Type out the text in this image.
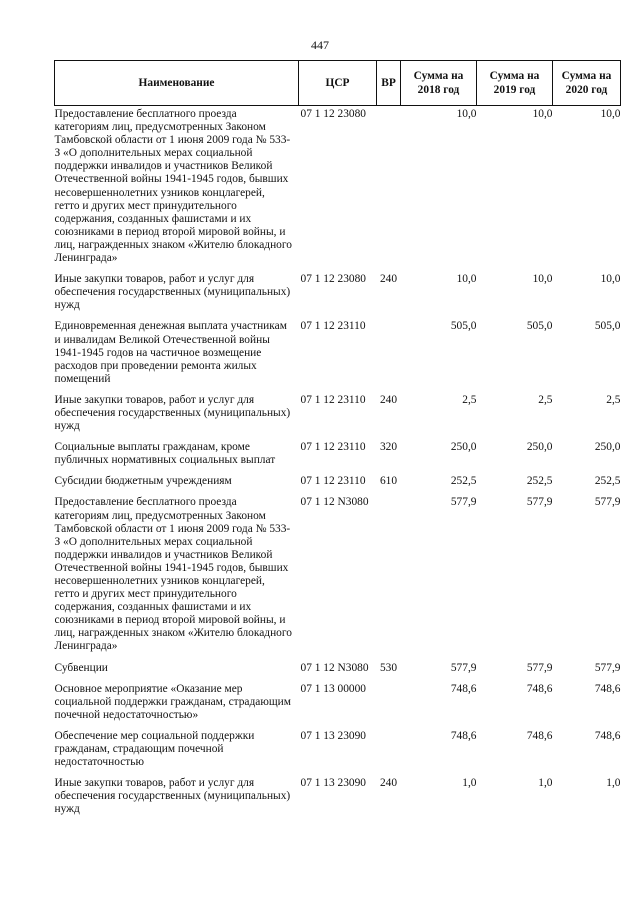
447
Наименование	ЦСР	ВР	Сумма на 2018 год	Сумма на 2019 год	Сумма на 2020 год
Предоставление бесплатного проезда категориям лиц, предусмотренных Законом Тамбовской области от 1 июня 2009 года № 533-З «О дополнительных мерах социальной поддержки инвалидов и участников Великой Отечественной войны 1941-1945 годов, бывших несовершеннолетних узников концлагерей, гетто и других мест принудительного содержания, созданных фашистами и их союзниками в период второй мировой войны, и лиц, награжденных знаком «Жителю блокадного Ленинграда»	07 1 12 23080		10,0	10,0	10,0
Иные закупки товаров, работ и услуг для обеспечения государственных (муниципальных) нужд	07 1 12 23080	240	10,0	10,0	10,0
Единовременная денежная выплата участникам и инвалидам Великой Отечественной войны 1941-1945 годов на частичное возмещение расходов при проведении ремонта жилых помещений	07 1 12 23110		505,0	505,0	505,0
Иные закупки товаров, работ и услуг для обеспечения государственных (муниципальных) нужд	07 1 12 23110	240	2,5	2,5	2,5
Социальные выплаты гражданам, кроме публичных нормативных социальных выплат	07 1 12 23110	320	250,0	250,0	250,0
Субсидии бюджетным учреждениям	07 1 12 23110	610	252,5	252,5	252,5
Предоставление бесплатного проезда категориям лиц, предусмотренных Законом Тамбовской области от 1 июня 2009 года № 533-З «О дополнительных мерах социальной поддержки инвалидов и участников Великой Отечественной войны 1941-1945 годов, бывших несовершеннолетних узников концлагерей, гетто и других мест принудительного содержания, созданных фашистами и их союзниками в период второй мировой войны, и лиц, награжденных знаком «Жителю блокадного Ленинграда»	07 1 12 N3080		577,9	577,9	577,9
Субвенции	07 1 12 N3080	530	577,9	577,9	577,9
Основное мероприятие «Оказание мер социальной поддержки гражданам, страдающим почечной недостаточностью»	07 1 13 00000		748,6	748,6	748,6
Обеспечение мер социальной поддержки гражданам, страдающим почечной недостаточностью	07 1 13 23090		748,6	748,6	748,6
Иные закупки товаров, работ и услуг для обеспечения государственных (муниципальных) нужд	07 1 13 23090	240	1,0	1,0	1,0
